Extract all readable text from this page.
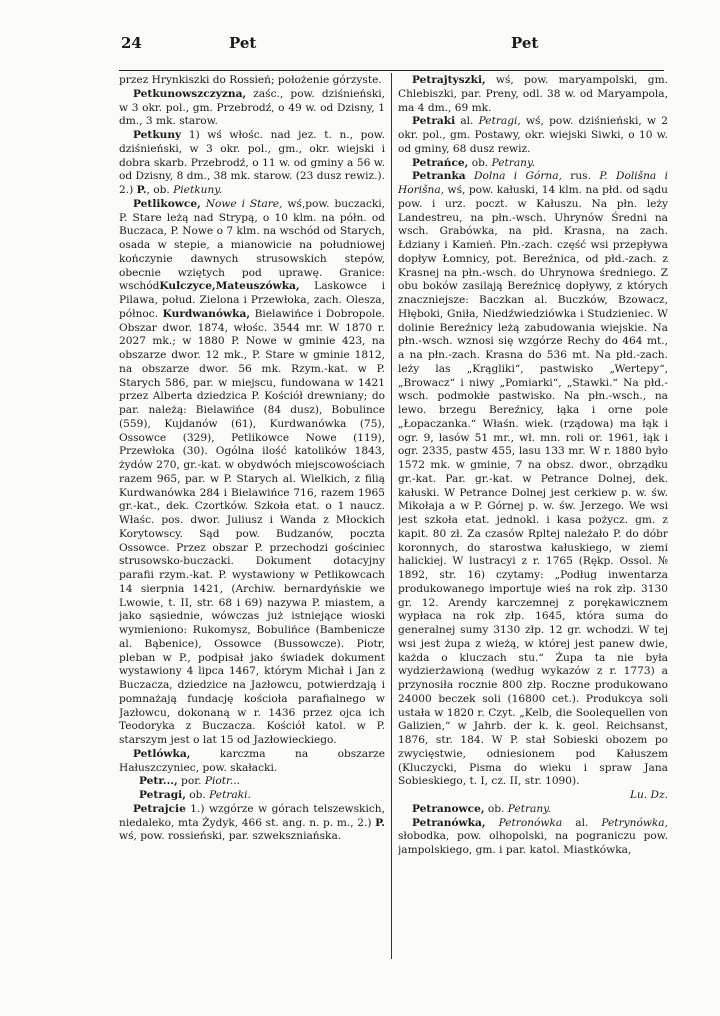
24	Pet	Pet

przez Hrynkiszki do Rossień; położenie górzyste.

Petkunowszczyzna, zaśc., pow. dziśnieński, w 3 okr. pol., gm. Przebrodź, o 49 w. od Dzisny, 1 dm., 3 mk. starow.

Petkuny 1) wś włośc. nad jez. t. n., pow. dziśnieński, w 3 okr. pol., gm., okr. wiejski i dobra skarb. Przebrodź, o 11 w. od gminy a 56 w. od Dzisny, 8 dm., 38 mk. starow. (23 dusz rewiz.). 2.) P., ob. Pietkuny.

Petlikowce, Nowe i Stare, wś,pow. buczacki, P. Stare leżą nad Strypą, o 10 klm. na półn. od Buczaca, P. Nowe o 7 klm. na wschód od Starych, osada w stepie, a mianowicie na południowej kończynie dawnych strusowskich stepów, obecnie wziętych pod uprawę. Granice: wschódKulczyce,Mateuszówka, Laskowce i Pilawa, połud. Zielona i Przewłoka, zach. Olesza, północ. Kurdwanówka, Bielawińce i Dobropole. Obszar dwor. 1874, włośc. 3544 mr. W 1870 r. 2027 mk.; w 1880 P. Nowe w gminie 423, na obszarze dwor. 12 mk., P. Stare w gminie 1812, na obszarze dwor. 56 mk. Rzym.-kat. w P. Starych 586, par. w miejscu, fundowana w 1421 przez Alberta dziedzica P. Kościół drewniany; do par. należą: Bielawińce (84 dusz), Bobulince (559), Kujdanów (61), Kurdwanówka (75), Ossowce (329), Petlikowce Nowe (119), Przewłoka (30). Ogólna ilość katolików 1843, żydów 270, gr.-kat. w obydwóch miejscowościach razem 965, par. w P. Starych al. Wielkich, z filią Kurdwanówka 284 i Bielawińce 716, razem 1965 gr.-kat., dek. Czortków. Szkoła etat. o 1 naucz. Właśc. pos. dwor. Juliusz i Wanda z Młockich Korytowscy. Sąd pow. Budzanów, poczta Ossowce. Przez obszar P. przechodzi gościniec strusowsko-buczacki. Dokument dotacyjny parafii rzym.-kat. P. wystawiony w Petlikowcach 14 sierpnia 1421, (Archiw. bernardyńskie we Lwowie, t. II, str. 68 i 69) nazywa P. miastem, a jako sąsiednie, wówczas już istniejące wioski wymieniono: Rukomysz, Bobulińce (Bambenicze al. Bąbenice), Ossowce (Bussowcze). Piotr, pleban w P., podpisał jako świadek dokument wystawiony 4 lipca 1467, którym Michał i Jan z Buczacza, dziedzice na Jazłowcu, potwierdzają i pomnażają fundację kościoła parafialnego w Jazłowcu, dokonaną w r. 1436 przez ojca ich Teodoryka z Buczacza. Kościół katol. w P. starszym jest o lat 15 od Jazłowieckiego.

Petlówka, karczma na obszarze Hałuszczyniec, pow. skałacki.

Petr..., por. Piotr...

Petragi, ob. Petraki.

Petrajcie 1.) wzgórze w górach telszewskich, niedaleko, mta Żydyk, 466 st. ang. n. p. m., 2.) P. wś, pow. rossieński, par. szwekszniańska.

Petrajtyszki, wś, pow. maryampolski, gm. Chlebiszki, par. Preny, odl. 38 w. od Maryampola, ma 4 dm., 69 mk.

Petraki al. Petragi, wś, pow. dziśnieński, w 2 okr. pol., gm. Postawy, okr. wiejski Siwki, o 10 w. od gminy, 68 dusz rewiz.

Petrańce, ob. Petrany.

Petranka Dolna i Górna, rus. P. Dolišna i Horišna, wś, pow. kałuski, 14 klm. na płd. od sądu pow. i urz. poczt. w Kałuszu. Na płn. leży Landestreu, na płn.-wsch. Uhrynów Średni na wsch. Grabówka, na płd. Krasna, na zach. Łdziany i Kamień. Płn.-zach. część wsi przepływa dopływ Łomnicy, pot. Bereźnica, od płd.-zach. z Krasnej na płn.-wsch. do Uhrynowa średniego. Z obu boków zasilają Bereźnicę dopływy, z których znaczniejsze: Baczkan al. Buczków, Bzowacz, Hłęboki, Gniła, Niedźwiedziówka i Studzieniec. W dolinie Bereźnicy leżą zabudowania wiejskie. Na płn.-wsch. wznosi się wzgórze Rechy do 464 mt., a na płn.-zach. Krasna do 536 mt. Na płd.-zach. leży las „Krągliki“, pastwisko „Wertepy“, „Browacz“ i niwy „Pomiarki“, „Stawki.“ Na płd.-wsch. podmokłe pastwisko. Na płn.-wsch., na lewo. brzegu Bereźnicy, łąka i orne pole „Łopaczanka.“ Właśn. wiek. (rządowa) ma łąk i ogr. 9, lasów 51 mr., wł. mn. roli or. 1961, łąk i ogr. 2335, pastw 455, lasu 133 mr. W r. 1880 było 1572 mk. w gminie, 7 na obsz. dwor., obrządku gr.-kat. Par. gr.-kat. w Petrance Dolnej, dek. kałuski. W Petrance Dolnej jest cerkiew p. w. św. Mikołaja a w P. Górnej p. w. św. Jerzego. We wsi jest szkoła etat. jednokl. i kasa pożycz. gm. z kapit. 80 zł. Za czasów Rpltej należało P. do dóbr koronnych, do starostwa kałuskiego, w ziemi halickiej. W lustracyi z r. 1765 (Rękp. Ossol. № 1892, str. 16) czytamy: „Podług inwentarza produkowanego importuje wieś na rok złp. 3130 gr. 12. Arendy karczemnej z porękawicznem wypłaca na rok złp. 1645, która suma do generalnej sumy 3130 złp. 12 gr. wchodzi. W tej wsi jest żupa z wieżą, w której jest panew dwie, każda o kluczach stu.“ Żupa ta nie była wydzierżawioną (według wykazów z r. 1773) a przynosiła rocznie 800 złp. Roczne produkowano 24000 beczek soli (16800 cet.). Produkcya soli ustała w 1820 r. Czyt. „Kelb, die Soolequellen von Galizien,“ w Jahrb. der k. k. geol. Reichsanst, 1876, str. 184. W P. stał Sobieski obozem po zwycięstwie, odniesionem pod Kałuszem (Kluczycki, Pisma do wieku i spraw Jana Sobieskiego, t. I, cz. II, str. 1090).

Lu. Dz.

Petranowce, ob. Petrany.

Petranówka, Petronówka al. Petrynówka, słobodka, pow. olhopolski, na pograniczu pow. jampolskiego, gm. i par. katol. Miastkówka,
